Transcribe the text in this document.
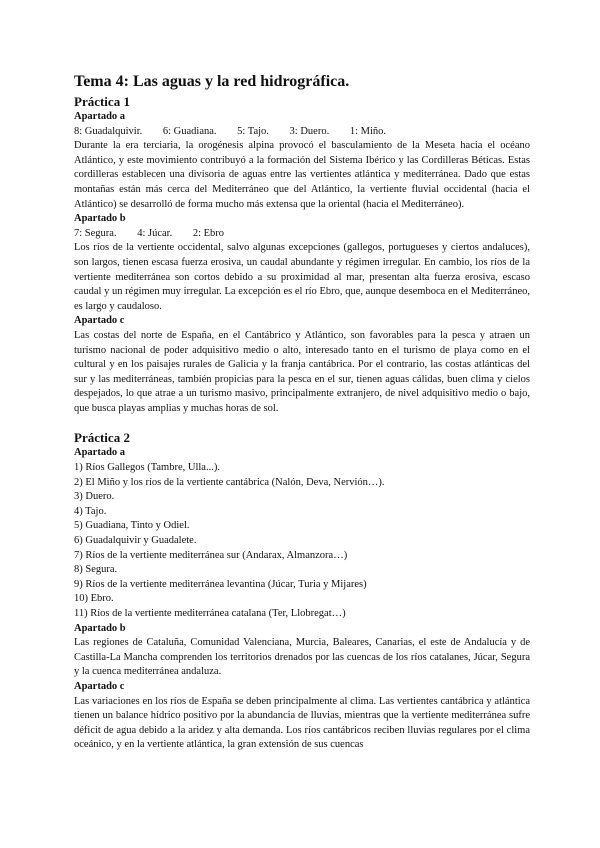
Tema 4: Las aguas y la red hidrográfica.
Práctica 1
Apartado a
8: Guadalquivir. 6: Guadiana. 5: Tajo. 3: Duero. 1: Miño.

Durante la era terciaria, la orogénesis alpina provocó el basculamiento de la Meseta hacia el océano Atlántico, y este movimiento contribuyó a la formación del Sistema Ibérico y las Cordilleras Béticas. Estas cordilleras establecen una divisoria de aguas entre las vertientes atlántica y mediterránea. Dado que estas montañas están más cerca del Mediterráneo que del Atlántico, la vertiente fluvial occidental (hacia el Atlántico) se desarrolló de forma mucho más extensa que la oriental (hacia el Mediterráneo).

Apartado b
7: Segura. 4: Júcar. 2: Ebro

Los ríos de la vertiente occidental, salvo algunas excepciones (gallegos, portugueses y ciertos andaluces), son largos, tienen escasa fuerza erosiva, un caudal abundante y régimen irregular. En cambio, los ríos de la vertiente mediterránea son cortos debido a su proximidad al mar, presentan alta fuerza erosiva, escaso caudal y un régimen muy irregular. La excepción es el río Ebro, que, aunque desemboca en el Mediterráneo, es largo y caudaloso.

Apartado c

Las costas del norte de España, en el Cantábrico y Atlántico, son favorables para la pesca y atraen un turismo nacional de poder adquisitivo medio o alto, interesado tanto en el turismo de playa como en el cultural y en los paisajes rurales de Galicia y la franja cantábrica. Por el contrario, las costas atlánticas del sur y las mediterráneas, también propicias para la pesca en el sur, tienen aguas cálidas, buen clima y cielos despejados, lo que atrae a un turismo masivo, principalmente extranjero, de nivel adquisitivo medio o bajo, que busca playas amplias y muchas horas de sol.

Práctica 2
Apartado a
1) Ríos Gallegos (Tambre, Ulla...).
2) El Miño y los ríos de la vertiente cantábrica (Nalón, Deva, Nervión…).
3) Duero.
4) Tajo.
5) Guadiana, Tinto y Odiel.
6) Guadalquivir y Guadalete.
7) Ríos de la vertiente mediterránea sur (Andarax, Almanzora…)
8) Segura.
9) Ríos de la vertiente mediterránea levantina (Júcar, Turia y Mijares)
10) Ebro.
11) Ríos de la vertiente mediterránea catalana (Ter, Llobregat…)
Apartado b

Las regiones de Cataluña, Comunidad Valenciana, Murcia, Baleares, Canarias, el este de Andalucía y de Castilla-La Mancha comprenden los territorios drenados por las cuencas de los ríos catalanes, Júcar, Segura y la cuenca mediterránea andaluza.

Apartado c

Las variaciones en los ríos de España se deben principalmente al clima. Las vertientes cantábrica y atlántica tienen un balance hídrico positivo por la abundancia de lluvias, mientras que la vertiente mediterránea sufre déficit de agua debido a la aridez y alta demanda. Los ríos cantábricos reciben lluvias regulares por el clima oceánico, y en la vertiente atlántica, la gran extensión de sus cuencas
